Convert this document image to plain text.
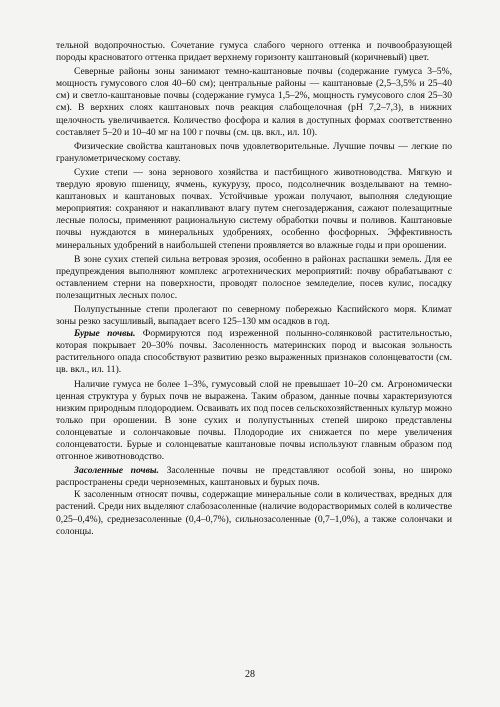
тельной водопрочностью. Сочетание гумуса слабого черного оттенка и почвообразующей породы красноватого оттенка придает верхнему горизонту каштановый (коричневый) цвет.

Северные районы зоны занимают темно-каштановые почвы (содержание гумуса 3–5%, мощность гумусового слоя 40–60 см); центральные районы — каштановые (2,5–3,5% и 25–40 см) и светло-каштановые почвы (содержание гумуса 1,5–2%, мощность гумусового слоя 25–30 см). В верхних слоях каштановых почв реакция слабощелочная (pH 7,2–7,3), в нижних щелочность увеличивается. Количество фосфора и калия в доступных формах соответственно составляет 5–20 и 10–40 мг на 100 г почвы (см. цв. вкл., ил. 10).

Физические свойства каштановых почв удовлетворительные. Лучшие почвы — легкие по гранулометрическому составу.

Сухие степи — зона зернового хозяйства и пастбищного животноводства. Мягкую и твердую яровую пшеницу, ячмень, кукурузу, просо, подсолнечник возделывают на темно-каштановых и каштановых почвах. Устойчивые урожаи получают, выполняя следующие мероприятия: сохраняют и накапливают влагу путем снегозадержания, сажают полезащитные лесные полосы, применяют рациональную систему обработки почвы и поливов. Каштановые почвы нуждаются в минеральных удобрениях, особенно фосфорных. Эффективность минеральных удобрений в наибольшей степени проявляется во влажные годы и при орошении.

В зоне сухих степей сильна ветровая эрозия, особенно в районах распашки земель. Для ее предупреждения выполняют комплекс агротехнических мероприятий: почву обрабатывают с оставлением стерни на поверхности, проводят полосное земледелие, посев кулис, посадку полезащитных лесных полос.

Полупустынные степи пролегают по северному побережью Каспийского моря. Климат зоны резко засушливый, выпадает всего 125–130 мм осадков в год.

Бурые почвы. Формируются под изреженной полынно-солянковой растительностью, которая покрывает 20–30% почвы. Засоленность материнских пород и высокая зольность растительного опада способствуют развитию резко выраженных признаков солонцеватости (см. цв. вкл., ил. 11).

Наличие гумуса не более 1–3%, гумусовый слой не превышает 10–20 см. Агрономически ценная структура у бурых почв не выражена. Таким образом, данные почвы характеризуются низким природным плодородием. Осваивать их под посев сельскохозяйственных культур можно только при орошении. В зоне сухих и полупустынных степей широко представлены солонцеватые и солончаковые почвы. Плодородие их снижается по мере увеличения солонцеватости. Бурые и солонцеватые каштановые почвы используют главным образом под отгонное животноводство.

Засоленные почвы. Засоленные почвы не представляют особой зоны, но широко распространены среди черноземных, каштановых и бурых почв.

К засоленным относят почвы, содержащие минеральные соли в количествах, вредных для растений. Среди них выделяют слабозасоленные (наличие водорастворимых солей в количестве 0,25–0,4%), среднезасоленные (0,4–0,7%), сильнозасоленные (0,7–1,0%), а также солончаки и солонцы.

28
